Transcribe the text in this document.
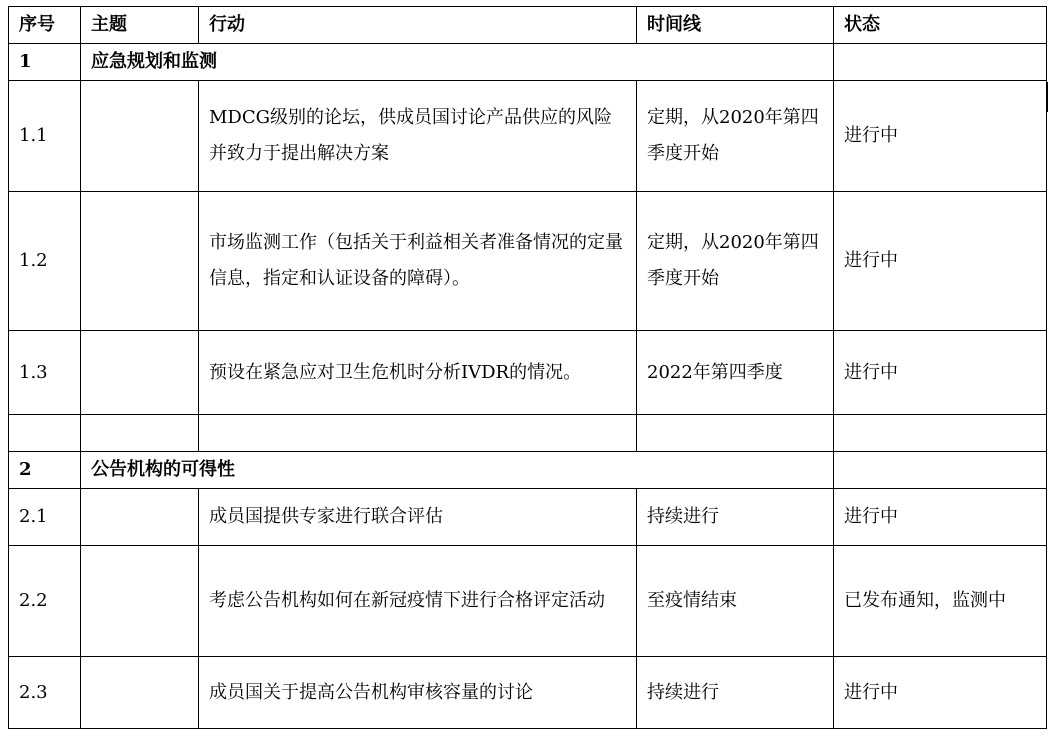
序号	主题	行动	时间线	状态
1	应急规划和监测			
1.1		MDCG级别的论坛，供成员国讨论产品供应的风险并致力于提出解决方案	定期，从2020年第四季度开始	进行中
1.2		市场监测工作（包括关于利益相关者准备情况的定量信息，指定和认证设备的障碍）。	定期，从2020年第四季度开始	进行中
1.3		预设在紧急应对卫生危机时分析IVDR的情况。	2022年第四季度	进行中

2	公告机构的可得性			
2.1		成员国提供专家进行联合评估	持续进行	进行中
2.2		考虑公告机构如何在新冠疫情下进行合格评定活动	至疫情结束	已发布通知，监测中
2.3		成员国关于提高公告机构审核容量的讨论	持续进行	进行中
